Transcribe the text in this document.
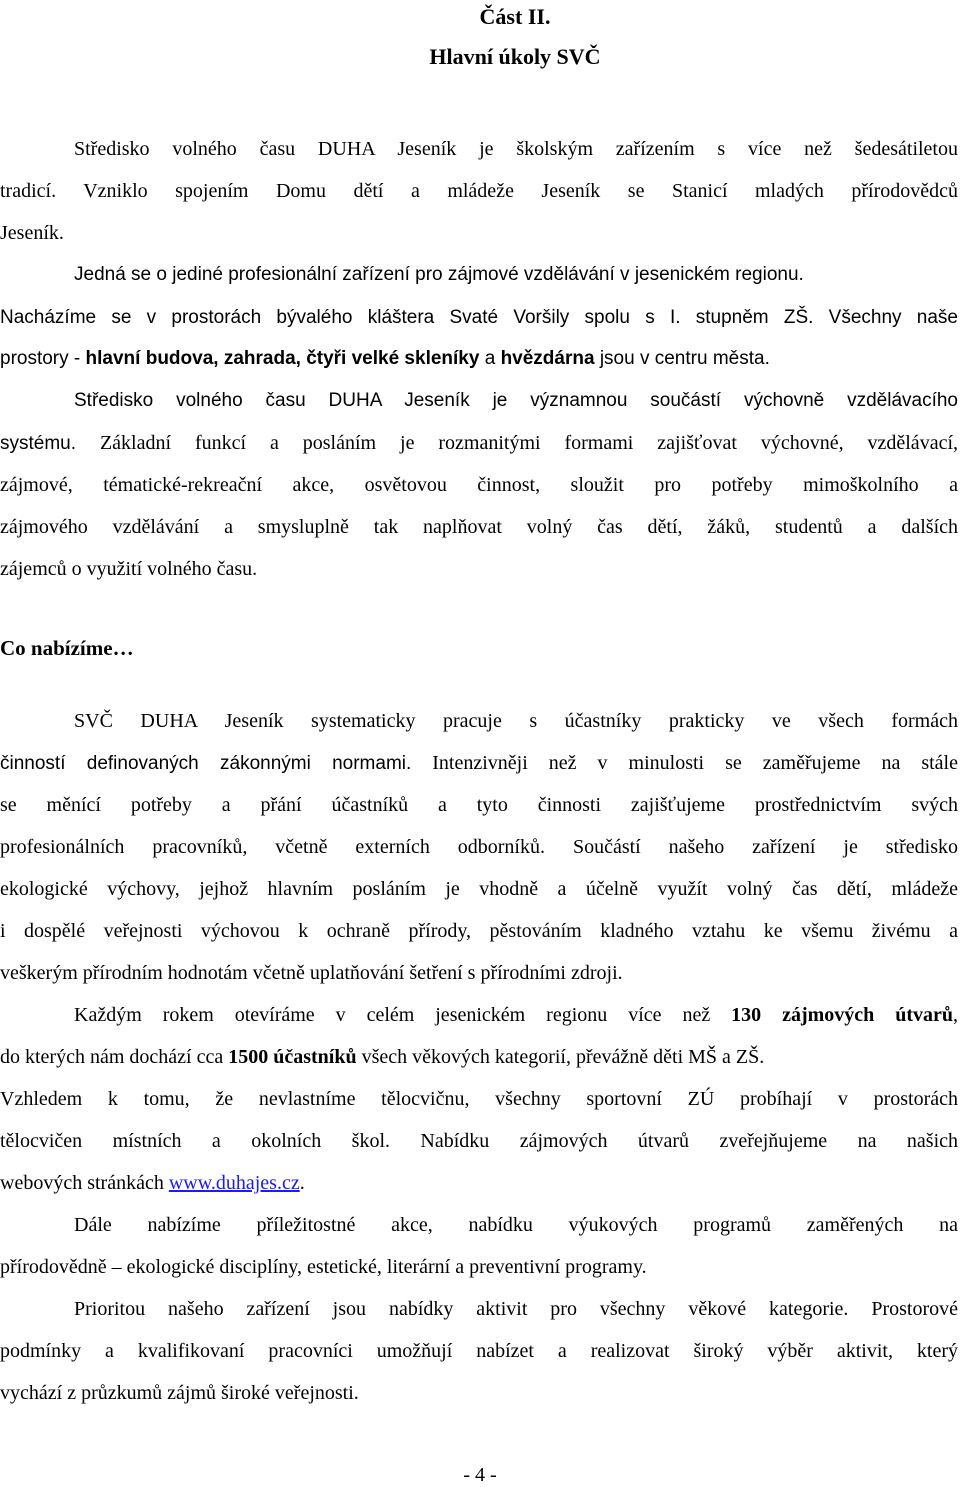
Část II.
Hlavní úkoly SVČ
Středisko volného času DUHA Jeseník je školským zařízením s více než šedesátiletou
tradicí. Vzniklo spojením Domu dětí a mládeže Jeseník se Stanicí mladých přírodovědců
Jeseník.
Jedná se o jediné profesionální zařízení pro zájmové vzdělávání v jesenickém regionu.
Nacházíme se v prostorách bývalého kláštera Svaté Voršily spolu s I. stupněm ZŠ. Všechny naše
prostory - hlavní budova, zahrada, čtyři velké skleníky a hvězdárna jsou v centru města.
Středisko volného času DUHA Jeseník je významnou součástí výchovně vzdělávacího
systému. Základní funkcí a posláním je rozmanitými formami zajišťovat výchovné, vzdělávací,
zájmové, tématické-rekreační akce, osvětovou činnost, sloužit pro potřeby mimoškolního a
zájmového vzdělávání a smysluplně tak naplňovat volný čas dětí, žáků, studentů a dalších
zájemců o využití volného času.
Co nabízíme…
SVČ DUHA Jeseník systematicky pracuje s účastníky prakticky ve všech formách
činností definovaných zákonnými normami. Intenzivněji než v minulosti se zaměřujeme na stále
se měnící potřeby a přání účastníků a tyto činnosti zajišťujeme prostřednictvím svých
profesionálních pracovníků, včetně externích odborníků. Součástí našeho zařízení je středisko
ekologické výchovy, jejhož hlavním posláním je vhodně a účelně využít volný čas dětí, mládeže
i dospělé veřejnosti výchovou k ochraně přírody, pěstováním kladného vztahu ke všemu živému a
veškerým přírodním hodnotám včetně uplatňování šetření s přírodními zdroji.
Každým rokem otevíráme v celém jesenickém regionu více než 130 zájmových útvarů,
do kterých nám dochází cca 1500 účastníků všech věkových kategorií, převážně děti MŠ a ZŠ.
Vzhledem k tomu, že nevlastníme tělocvičnu, všechny sportovní ZÚ probíhají v prostorách
tělocvičen místních a okolních škol. Nabídku zájmových útvarů zveřejňujeme na našich
webových stránkách www.duhajes.cz.
Dále nabízíme příležitostné akce, nabídku výukových programů zaměřených na
přírodovědně – ekologické disciplíny, estetické, literární a preventivní programy.
Prioritou našeho zařízení jsou nabídky aktivit pro všechny věkové kategorie. Prostorové
podmínky a kvalifikovaní pracovníci umožňují nabízet a realizovat široký výběr aktivit, který
vychází z průzkumů zájmů široké veřejnosti.
- 4 -
